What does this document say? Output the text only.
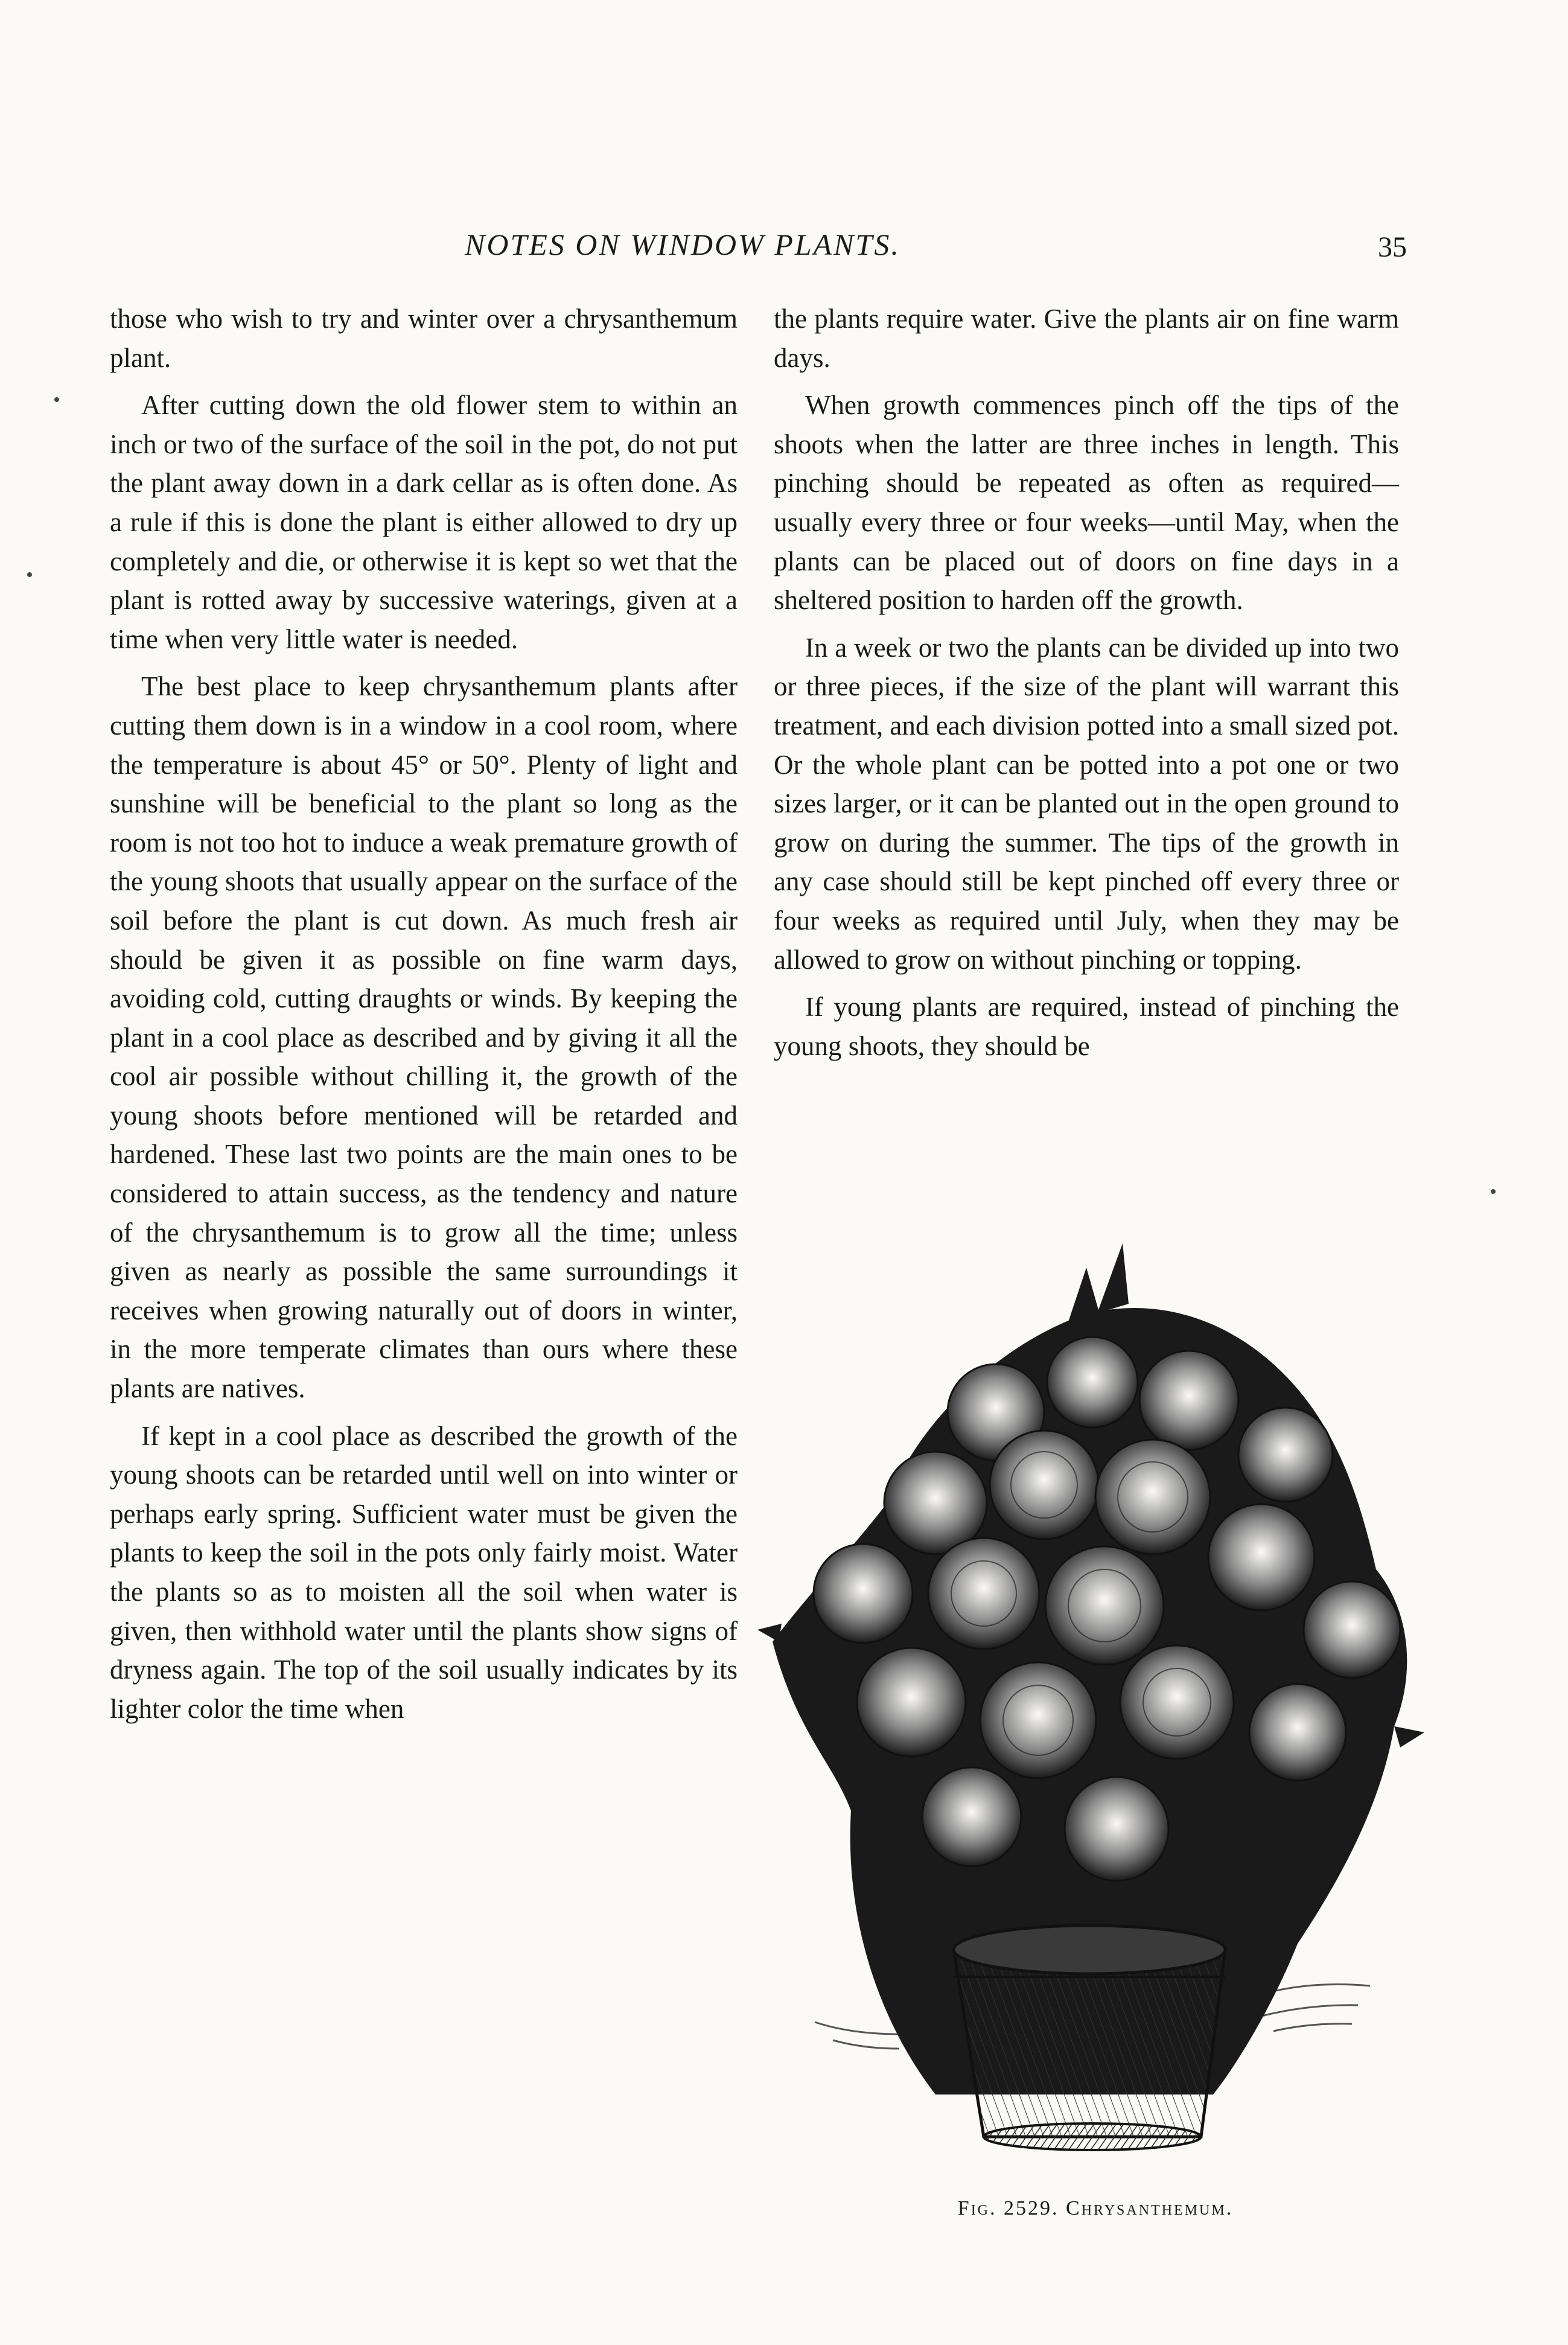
NOTES ON WINDOW PLANTS.	35

those who wish to try and winter over a chrysanthemum plant.

After cutting down the old flower stem to within an inch or two of the surface of the soil in the pot, do not put the plant away down in a dark cellar as is often done. As a rule if this is done the plant is either allowed to dry up completely and die, or otherwise it is kept so wet that the plant is rotted away by successive waterings, given at a time when very little water is needed.

The best place to keep chrysanthemum plants after cutting them down is in a window in a cool room, where the temperature is about 45° or 50°. Plenty of light and sunshine will be beneficial to the plant so long as the room is not too hot to induce a weak premature growth of the young shoots that usually appear on the surface of the soil before the plant is cut down. As much fresh air should be given it as possible on fine warm days, avoiding cold, cutting draughts or winds. By keeping the plant in a cool place as described and by giving it all the cool air possible without chilling it, the growth of the young shoots before mentioned will be retarded and hardened. These last two points are the main ones to be considered to attain success, as the tendency and nature of the chrysanthemum is to grow all the time; unless given as nearly as possible the same surroundings it receives when growing naturally out of doors in winter, in the more temperate climates than ours where these plants are natives.

If kept in a cool place as described the growth of the young shoots can be retarded until well on into winter or perhaps early spring. Sufficient water must be given the plants to keep the soil in the pots only fairly moist. Water the plants so as to moisten all the soil when water is given, then withhold water until the plants show signs of dryness again. The top of the soil usually indicates by its lighter color the time when

the plants require water. Give the plants air on fine warm days.

When growth commences pinch off the tips of the shoots when the latter are three inches in length. This pinching should be repeated as often as required—usually every three or four weeks—until May, when the plants can be placed out of doors on fine days in a sheltered position to harden off the growth.

In a week or two the plants can be divided up into two or three pieces, if the size of the plant will warrant this treatment, and each division potted into a small sized pot. Or the whole plant can be potted into a pot one or two sizes larger, or it can be planted out in the open ground to grow on during the summer. The tips of the growth in any case should still be kept pinched off every three or four weeks as required until July, when they may be allowed to grow on without pinching or topping.

If young plants are required, instead of pinching the young shoots, they should be

Fig. 2529. Chrysanthemum.
